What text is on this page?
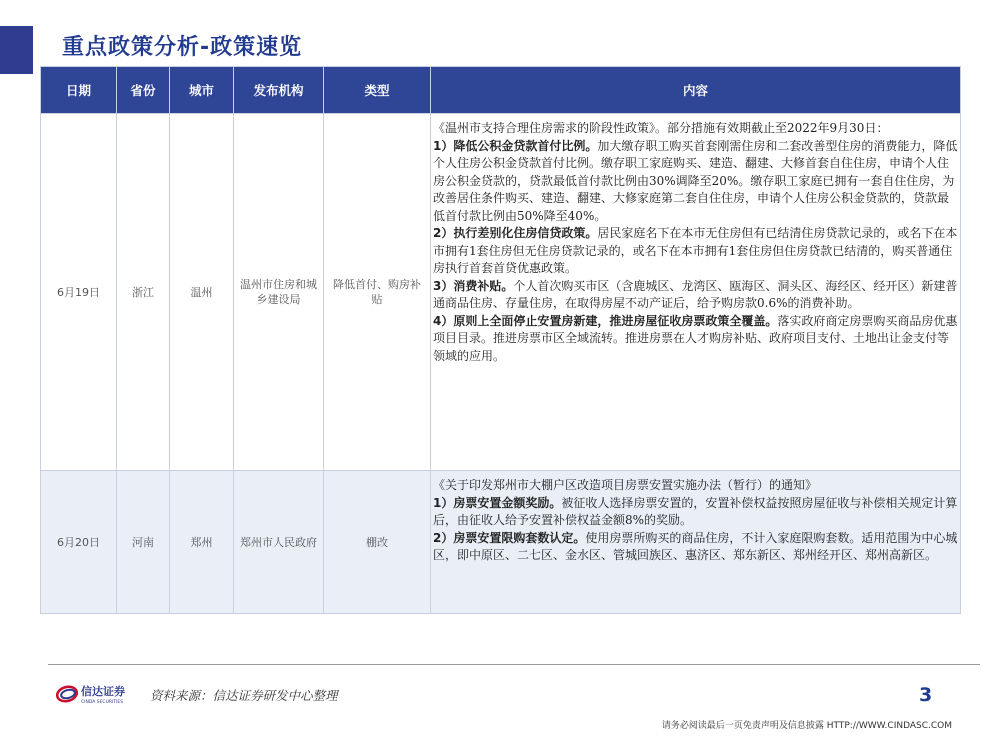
重点政策分析-政策速览
日期	省份	城市	发布机构	类型	内容
6月19日	浙江	温州	温州市住房和城乡建设局	降低首付、购房补贴	《温州市支持合理住房需求的阶段性政策》。部分措施有效期截止至2022年9月30日：

1）降低公积金贷款首付比例。加大缴存职工购买首套刚需住房和二套改善型住房的消费能力，降低个人住房公积金贷款首付比例。缴存职工家庭购买、建造、翻建、大修首套自住住房，申请个人住房公积金贷款的，贷款最低首付款比例由30%调降至20%。缴存职工家庭已拥有一套自住住房，为改善居住条件购买、建造、翻建、大修家庭第二套自住住房，申请个人住房公积金贷款的，贷款最低首付款比例由50%降至40%。

2）执行差别化住房信贷政策。居民家庭名下在本市无住房但有已结清住房贷款记录的，或名下在本市拥有1套住房但无住房贷款记录的，或名下在本市拥有1套住房但住房贷款已结清的，购买普通住房执行首套首贷优惠政策。

3）消费补贴。个人首次购买市区（含鹿城区、龙湾区、瓯海区、洞头区、海经区、经开区）新建普通商品住房、存量住房，在取得房屋不动产证后，给予购房款0.6%的消费补助。

4）原则上全面停止安置房新建，推进房屋征收房票政策全覆盖。落实政府商定房票购买商品房优惠项目目录。推进房票市区全域流转。推进房票在人才购房补贴、政府项目支付、土地出让金支付等领域的应用。

6月20日	河南	郑州	郑州市人民政府	棚改	《关于印发郑州市大棚户区改造项目房票安置实施办法（暂行）的通知》

1）房票安置金额奖励。被征收人选择房票安置的，安置补偿权益按照房屋征收与补偿相关规定计算后，由征收人给予安置补偿权益金额8%的奖励。

2）房票安置限购套数认定。使用房票所购买的商品住房，不计入家庭限购套数。适用范围为中心城区，即中原区、二七区、金水区、管城回族区、惠济区、郑东新区、郑州经开区、郑州高新区。

信达证券
CINDA SECURITIES 资料来源：信达证券研发中心整理	3
请务必阅读最后一页免责声明及信息披露 HTTP://WWW.CINDASC.COM
